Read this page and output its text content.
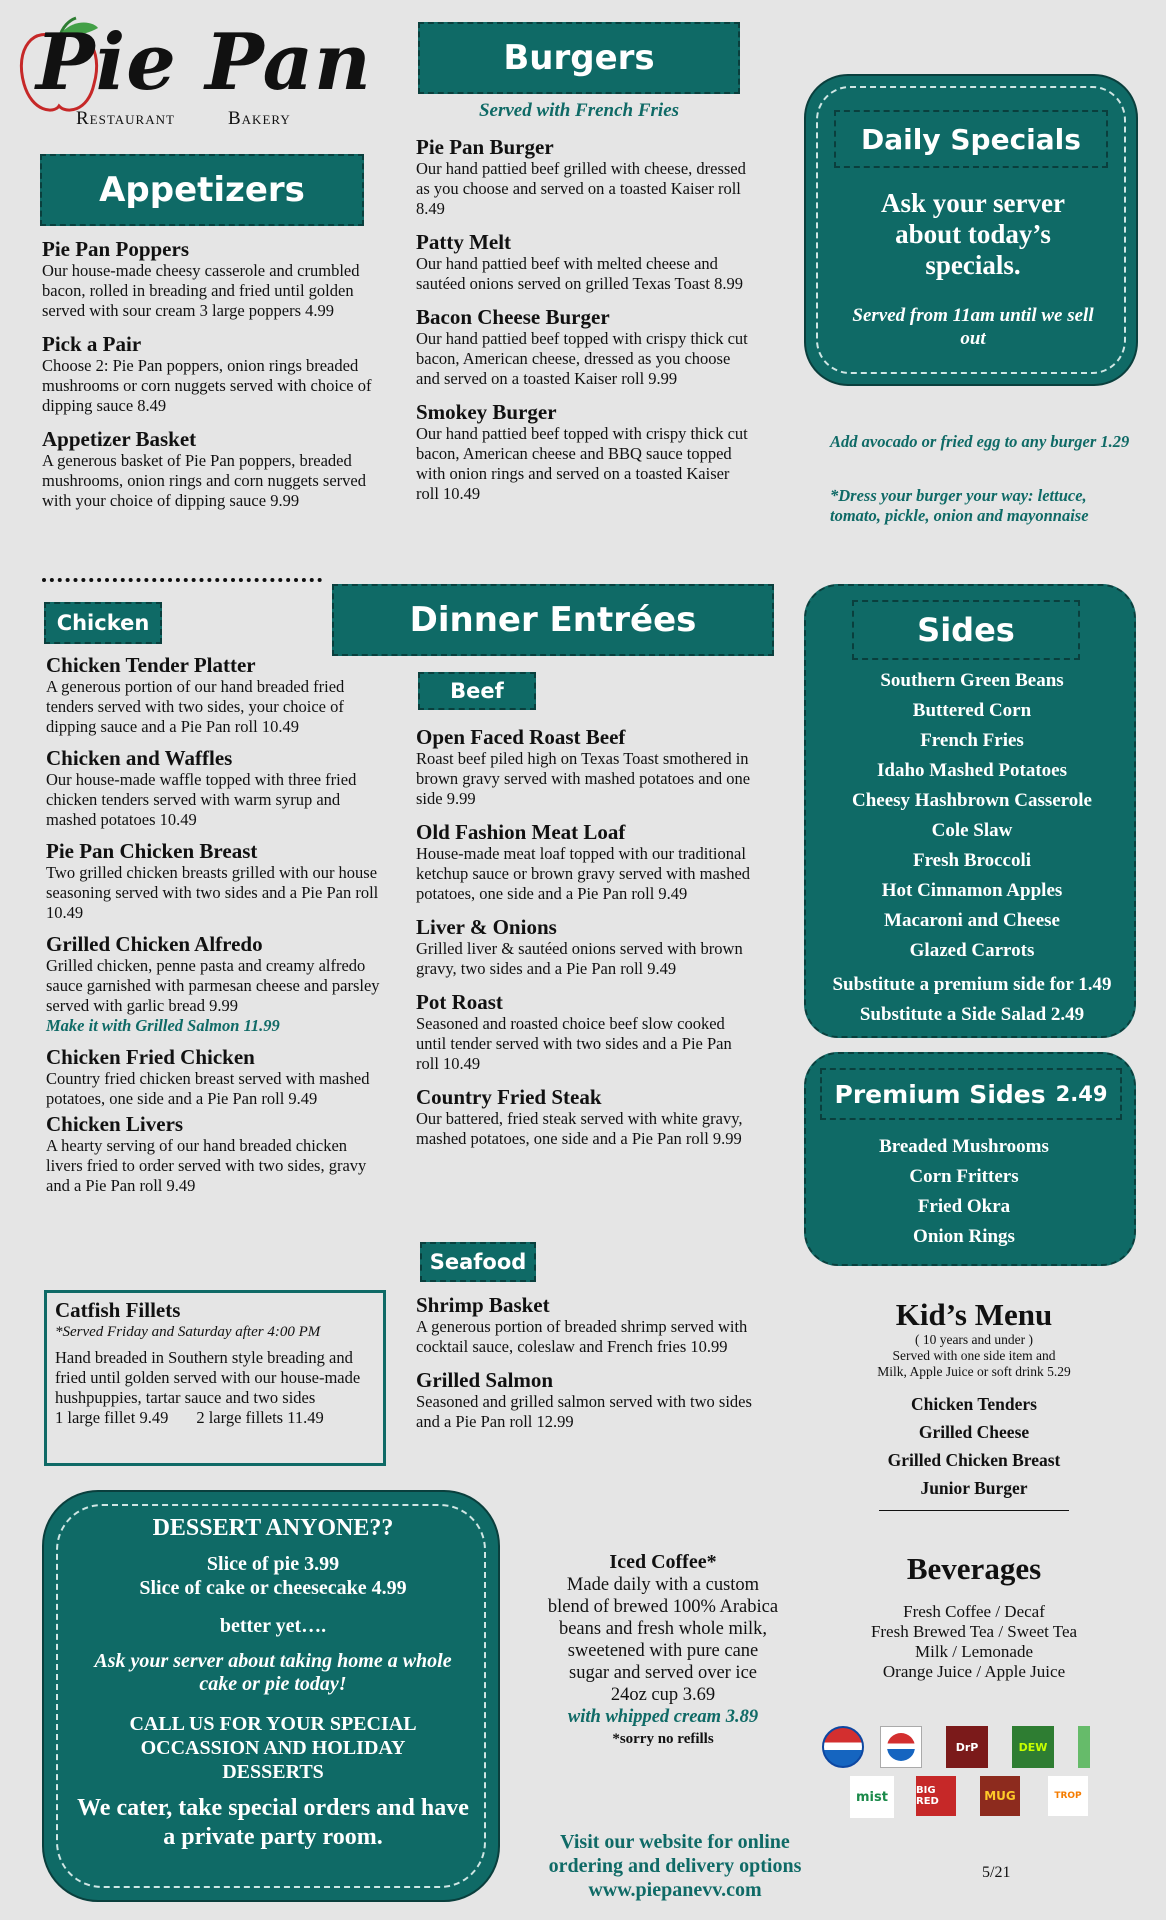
Pie Pan
Restaurant	Bakery
Burgers
Served with French Fries
Pie Pan Burger
Our hand pattied beef grilled with cheese, dressed as you choose and served on a toasted Kaiser roll 8.49
Patty Melt
Our hand pattied beef with melted cheese and sautéed onions served on grilled Texas Toast 8.99
Bacon Cheese Burger
Our hand pattied beef topped with crispy thick cut bacon, American cheese, dressed as you choose and served on a toasted Kaiser roll 9.99
Smokey Burger
Our hand pattied beef topped with crispy thick cut bacon, American cheese and BBQ sauce topped with onion rings and served on a toasted Kaiser roll 10.49
Appetizers
Pie Pan Poppers
Our house-made cheesy casserole and crumbled bacon, rolled in breading and fried until golden served with sour cream 3 large poppers 4.99
Pick a Pair
Choose 2: Pie Pan poppers, onion rings breaded mushrooms or corn nuggets served with choice of dipping sauce 8.49
Appetizer Basket
A generous basket of Pie Pan poppers, breaded mushrooms, onion rings and corn nuggets served with your choice of dipping sauce 9.99
Daily Specials
Ask your server about today’s specials.
Served from 11am until we sell out
Add avocado or fried egg to any burger 1.29
*Dress your burger your way: lettuce, tomato, pickle, onion and mayonnaise
Chicken
Chicken Tender Platter
A generous portion of our hand breaded fried tenders served with two sides, your choice of dipping sauce and a Pie Pan roll 10.49
Chicken and Waffles
Our house-made waffle topped with three fried chicken tenders served with warm syrup and mashed potatoes 10.49
Pie Pan Chicken Breast
Two grilled chicken breasts grilled with our house seasoning served with two sides and a Pie Pan roll 10.49
Grilled Chicken Alfredo
Grilled chicken, penne pasta and creamy alfredo sauce garnished with parmesan cheese and parsley served with garlic bread 9.99
Make it with Grilled Salmon 11.99
Chicken Fried Chicken
Country fried chicken breast served with mashed potatoes, one side and a Pie Pan roll 9.49
Chicken Livers
A hearty serving of our hand breaded chicken livers fried to order served with two sides, gravy and a Pie Pan roll 9.49
Catfish Fillets
*Served Friday and Saturday after 4:00 PM
Hand breaded in Southern style breading and fried until golden served with our house-made hushpuppies, tartar sauce and two sides
1 large fillet 9.49 2 large fillets 11.49
Dinner Entrées
Beef
Open Faced Roast Beef
Roast beef piled high on Texas Toast smothered in brown gravy served with mashed potatoes and one side 9.99
Old Fashion Meat Loaf
House-made meat loaf topped with our traditional ketchup sauce or brown gravy served with mashed potatoes, one side and a Pie Pan roll 9.49
Liver & Onions
Grilled liver & sautéed onions served with brown gravy, two sides and a Pie Pan roll 9.49
Pot Roast
Seasoned and roasted choice beef slow cooked until tender served with two sides and a Pie Pan roll 10.49
Country Fried Steak
Our battered, fried steak served with white gravy, mashed potatoes, one side and a Pie Pan roll 9.99
Seafood
Shrimp Basket
A generous portion of breaded shrimp served with cocktail sauce, coleslaw and French fries 10.99
Grilled Salmon
Seasoned and grilled salmon served with two sides and a Pie Pan roll 12.99
Sides
Southern Green Beans
Buttered Corn
French Fries
Idaho Mashed Potatoes
Cheesy Hashbrown Casserole
Cole Slaw
Fresh Broccoli
Hot Cinnamon Apples
Macaroni and Cheese
Glazed Carrots
Substitute a premium side for 1.49
Substitute a Side Salad 2.49
Premium Sides 2.49
Breaded Mushrooms
Corn Fritters
Fried Okra
Onion Rings
Kid’s Menu
( 10 years and under )
Served with one side item and
Milk, Apple Juice or soft drink 5.29
Chicken Tenders
Grilled Cheese
Grilled Chicken Breast
Junior Burger
Beverages
Fresh Coffee / Decaf
Fresh Brewed Tea / Sweet Tea
Milk / Lemonade
Orange Juice / Apple Juice
DrP	DEW
mist	BIG RED	MUG	TROP
DESSERT ANYONE??
Slice of pie 3.99
Slice of cake or cheesecake 4.99
better yet….
Ask your server about taking home a whole cake or pie today!
CALL US FOR YOUR SPECIAL OCCASSION AND HOLIDAY DESSERTS
We cater, take special orders and have a private party room.
Iced Coffee*
Made daily with a custom blend of brewed 100% Arabica beans and fresh whole milk, sweetened with pure cane sugar and served over ice
24oz cup 3.69
with whipped cream 3.89
*sorry no refills
Visit our website for online
ordering and delivery options
www.piepanevv.com
5/21
